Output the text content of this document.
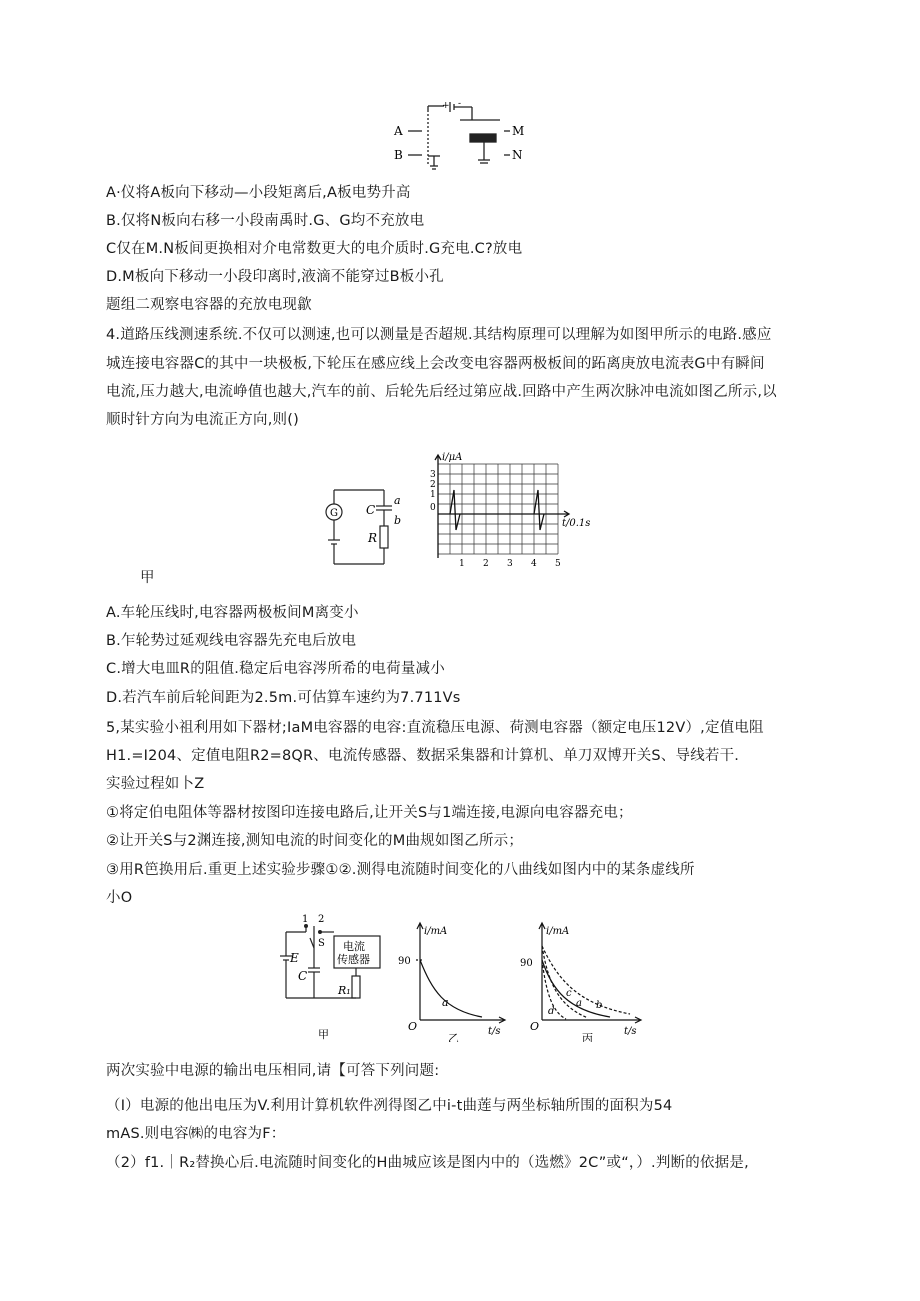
A
B
M
N
+ -
A·仪将A板向下移动—小段矩离后,A板电势升高
B.仅将N板向右移一小段南禹时.G、G均不充放电
C仅在M.N板间更换相对介电常数更大的电介质时.G充电.C?放电
D.M板向下移动一小段印离时,液滴不能穿过B板小孔
题组二观察电容器的充放电现歙
4.道路压线测速系统.不仅可以测速,也可以测量是否超规.其结构原理可以理解为如图甲所示的电路.感应
城连接电容器C的其中一块极板,下轮压在感应线上会改变电容器两极板间的跖离庚放电流表G中有瞬间
电流,压力越大,电流峥值也越大,汽车的前、后轮先后经过第应战.回路中产生两次脉冲电流如图乙所示,以
顺时针方向为电流正方向,则()
G C
a
b
R
甲
i/μA
t/0.1s
3
2
1
0
1 2 3 4 5
A.车轮压线时,电容器两极板间M离变小
B.乍轮势过延观线电容器先充电后放电
C.增大电皿R的阻值.稳定后电容涔所希的电荷量减小
D.若汽车前后轮间距为2.5m.可估算车速约为7.711Vs
5,某实验小祖利用如下器材;IaM电容器的电容:直流稳压电源、荷测电容器（额定电压12V）,定值电阻
H1.=I204、定值电阻R2=8QR、电流传感器、数据采集器和计算机、单刀双博开关S、导线若干.
实验过程如卜Z
①将定伯电阻体等器材按图印连接电路后,让开关S与1端连接,电源向电容器充电；
②让开关S与2渊连接,测知电流的时间变化的M曲规如图乙所示；
③用R笆换用后.重更上述实验步骤①②.测得电流随时间变化的八曲线如图内中的某条虚线所
小O
1 2
S
E
C
电流
传感器
R₁
甲
i/mA
90
O	t/s
a
乙
i/mA
90
O	t/s
c
a b
d
丙
两次实验中电源的输出电压相同,请【可答下列问题:
（I）电源的他出电压为V.利用计算机软件冽得图乙中i-t曲莲与两坐标轴所围的面积为54
mAS.则电容㈱的电容为F：
（2）f1.｜R₂替换心后.电流随时间变化的H曲城应该是图内中的（选燃》2C”或“，）.判断的依据是,
